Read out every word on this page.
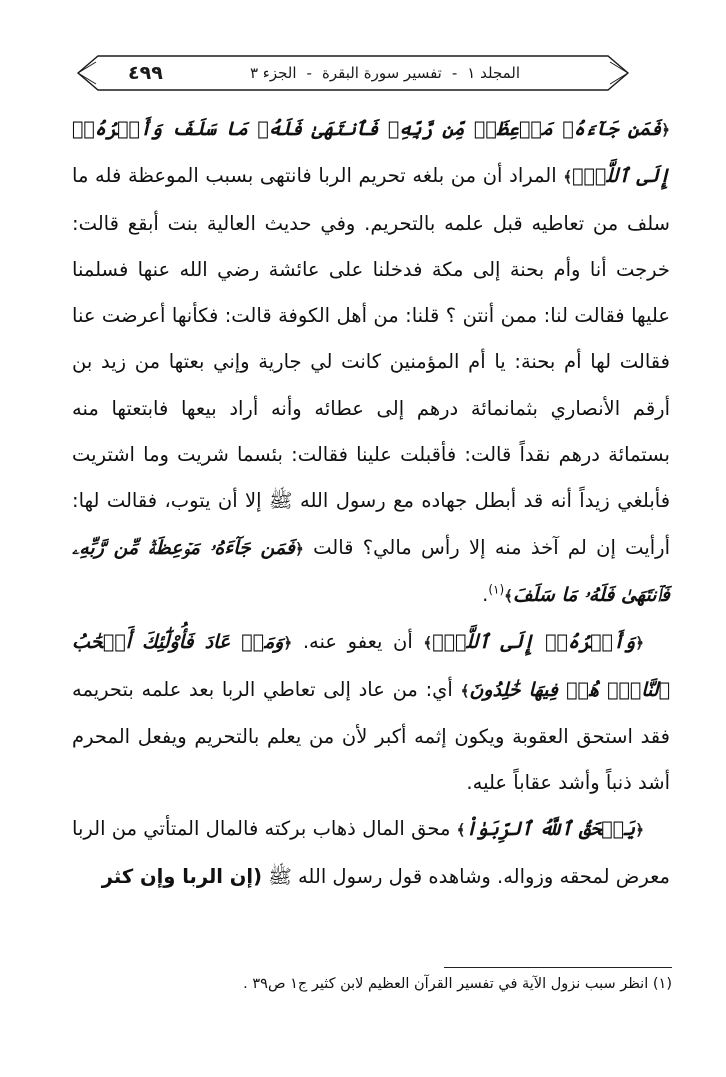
٤٩٩	المجلد ١-تفسير سورة البقرة-الجزء ٣

﴿فَمَن جَآءَهُۥ مَوۡعِظَةٞ مِّن رَّبِّهِۦ فَٱنتَهَىٰ فَلَهُۥ مَا سَلَفَ وَأَمۡرُهُۥٓ إِلَى ٱللَّهِۖ﴾ المراد أن من بلغه تحريم الربا فانتهى بسبب الموعظة فله ما سلف من تعاطيه قبل علمه بالتحريم. وفي حديث العالية بنت أبقع قالت: خرجت أنا وأم بحنة إلى مكة فدخلنا على عائشة رضي الله عنها فسلمنا عليها فقالت لنا: ممن أنتن ؟ قلنا: من أهل الكوفة قالت: فكأنها أعرضت عنا فقالت لها أم بحنة: يا أم المؤمنين كانت لي جارية وإني بعتها من زيد بن أرقم الأنصاري بثمانمائة درهم إلى عطائه وأنه أراد بيعها فابتعتها منه بستمائة درهم نقداً قالت: فأقبلت علينا فقالت: بئسما شريت وما اشتريت فأبلغي زيداً أنه قد أبطل جهاده مع رسول الله ﷺ إلا أن يتوب، فقالت لها: أرأيت إن لم آخذ منه إلا رأس مالي؟ قالت ﴿فَمَن جَآءَهُۥ مَوۡعِظَةٞ مِّن رَّبِّهِۦ فَٱنتَهَىٰ فَلَهُۥ مَا سَلَفَ﴾$^{(١)}$.

﴿وَأَمۡرُهُۥٓ إِلَى ٱللَّهِۖ﴾ أن يعفو عنه. ﴿وَمَنۡ عَادَ فَأُوْلَٰٓئِكَ أَصۡحَٰبُ ٱلنَّارِۖ هُمۡ فِيهَا خَٰلِدُونَ﴾ أي: من عاد إلى تعاطي الربا بعد علمه بتحريمه فقد استحق العقوبة ويكون إثمه أكبر لأن من يعلم بالتحريم ويفعل المحرم أشد ذنباً وأشد عقاباً عليه.

﴿يَمۡحَقُ ٱللَّهُ ٱلرِّبَوٰاْ﴾ محق المال ذهاب بركته فالمال المتأتي من الربا معرض لمحقه وزواله. وشاهده قول رسول الله ﷺ (إن الربا وإن كثر

(١) انظر سبب نزول الآية في تفسير القرآن العظيم لابن كثير ج١ ص٣٩ .
